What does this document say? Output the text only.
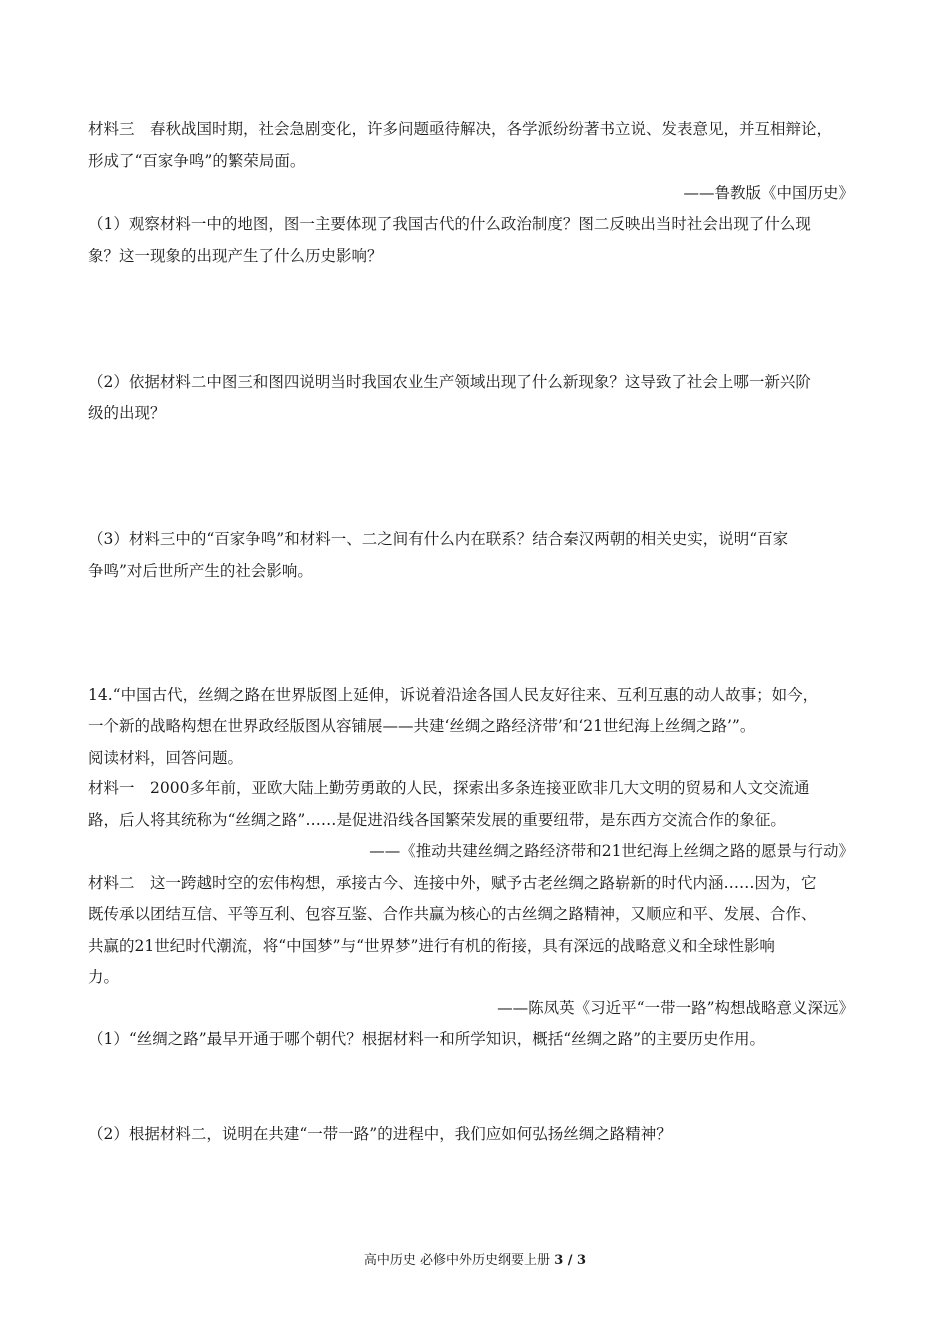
材料三　春秋战国时期，社会急剧变化，许多问题亟待解决，各学派纷纷著书立说、发表意见，并互相辩论，
形成了“百家争鸣”的繁荣局面。
——鲁教版《中国历史》
（1）观察材料一中的地图，图一主要体现了我国古代的什么政治制度？图二反映出当时社会出现了什么现
象？这一现象的出现产生了什么历史影响？
（2）依据材料二中图三和图四说明当时我国农业生产领域出现了什么新现象？这导致了社会上哪一新兴阶
级的出现？
（3）材料三中的“百家争鸣”和材料一、二之间有什么内在联系？结合秦汉两朝的相关史实，说明“百家
争鸣”对后世所产生的社会影响。
14.“中国古代，丝绸之路在世界版图上延伸，诉说着沿途各国人民友好往来、互利互惠的动人故事；如今，
一个新的战略构想在世界政经版图从容铺展——共建‘丝绸之路经济带’和‘21世纪海上丝绸之路’”。
阅读材料，回答问题。
材料一　2000多年前，亚欧大陆上勤劳勇敢的人民，探索出多条连接亚欧非几大文明的贸易和人文交流通
路，后人将其统称为“丝绸之路”……是促进沿线各国繁荣发展的重要纽带，是东西方交流合作的象征。
——《推动共建丝绸之路经济带和21世纪海上丝绸之路的愿景与行动》
材料二　这一跨越时空的宏伟构想，承接古今、连接中外，赋予古老丝绸之路崭新的时代内涵……因为，它
既传承以团结互信、平等互利、包容互鉴、合作共赢为核心的古丝绸之路精神，又顺应和平、发展、合作、
共赢的21世纪时代潮流，将“中国梦”与“世界梦”进行有机的衔接，具有深远的战略意义和全球性影响
力。
——陈凤英《习近平“一带一路”构想战略意义深远》
（1）“丝绸之路”最早开通于哪个朝代？根据材料一和所学知识，概括“丝绸之路”的主要历史作用。
（2）根据材料二，说明在共建“一带一路”的进程中，我们应如何弘扬丝绸之路精神？
高中历史 必修中外历史纲要上册 3 / 3
